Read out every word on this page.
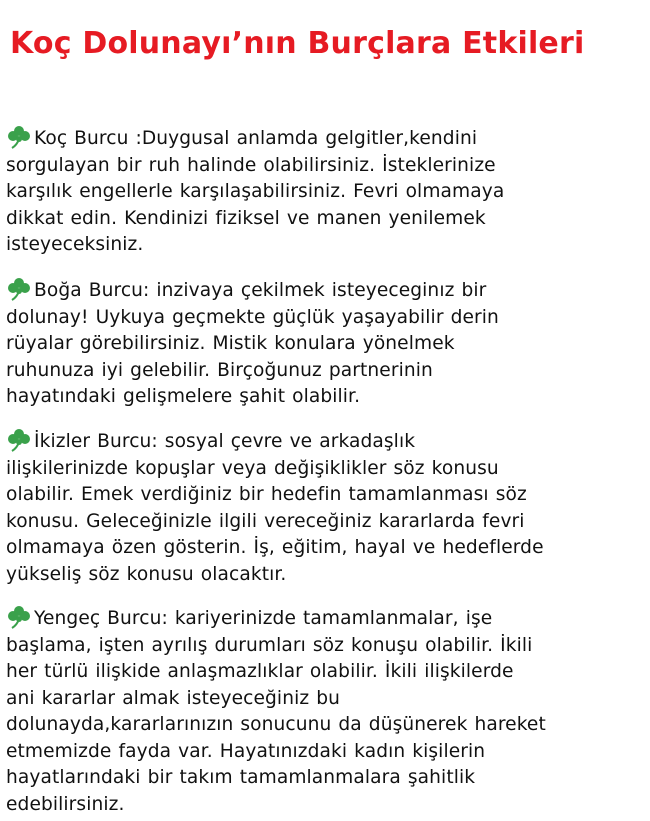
Koç Dolunayı’nın Burçlara Etkileri
Koç Burcu :Duygusal anlamda gelgitler,kendini
sorgulayan bir ruh halinde olabilirsiniz. İsteklerinize
karşılık engellerle karşılaşabilirsiniz. Fevri olmamaya
dikkat edin. Kendinizi fiziksel ve manen yenilemek
isteyeceksiniz.
Boğa Burcu: inzivaya çekilmek isteyeceginız bir
dolunay! Uykuya geçmekte güçlük yaşayabilir derin
rüyalar görebilirsiniz. Mistik konulara yönelmek
ruhunuza iyi gelebilir. Birçoğunuz partnerinin
hayatındaki gelişmelere şahit olabilir.
İkizler Burcu: sosyal çevre ve arkadaşlık
ilişkilerinizde kopuşlar veya değişiklikler söz konusu
olabilir. Emek verdiğiniz bir hedefin tamamlanması söz
konusu. Geleceğinizle ilgili vereceğiniz kararlarda fevri
olmamaya özen gösterin. İş, eğitim, hayal ve hedeflerde
yükseliş söz konusu olacaktır.
Yengeç Burcu: kariyerinizde tamamlanmalar, işe
başlama, işten ayrılış durumları söz konuşu olabilir. İkili
her türlü ilişkide anlaşmazlıklar olabilir. İkili ilişkilerde
ani kararlar almak isteyeceğiniz bu
dolunayda,kararlarınızın sonucunu da düşünerek hareket
etmemizde fayda var. Hayatınızdaki kadın kişilerin
hayatlarındaki bir takım tamamlanmalara şahitlik
edebilirsiniz.
